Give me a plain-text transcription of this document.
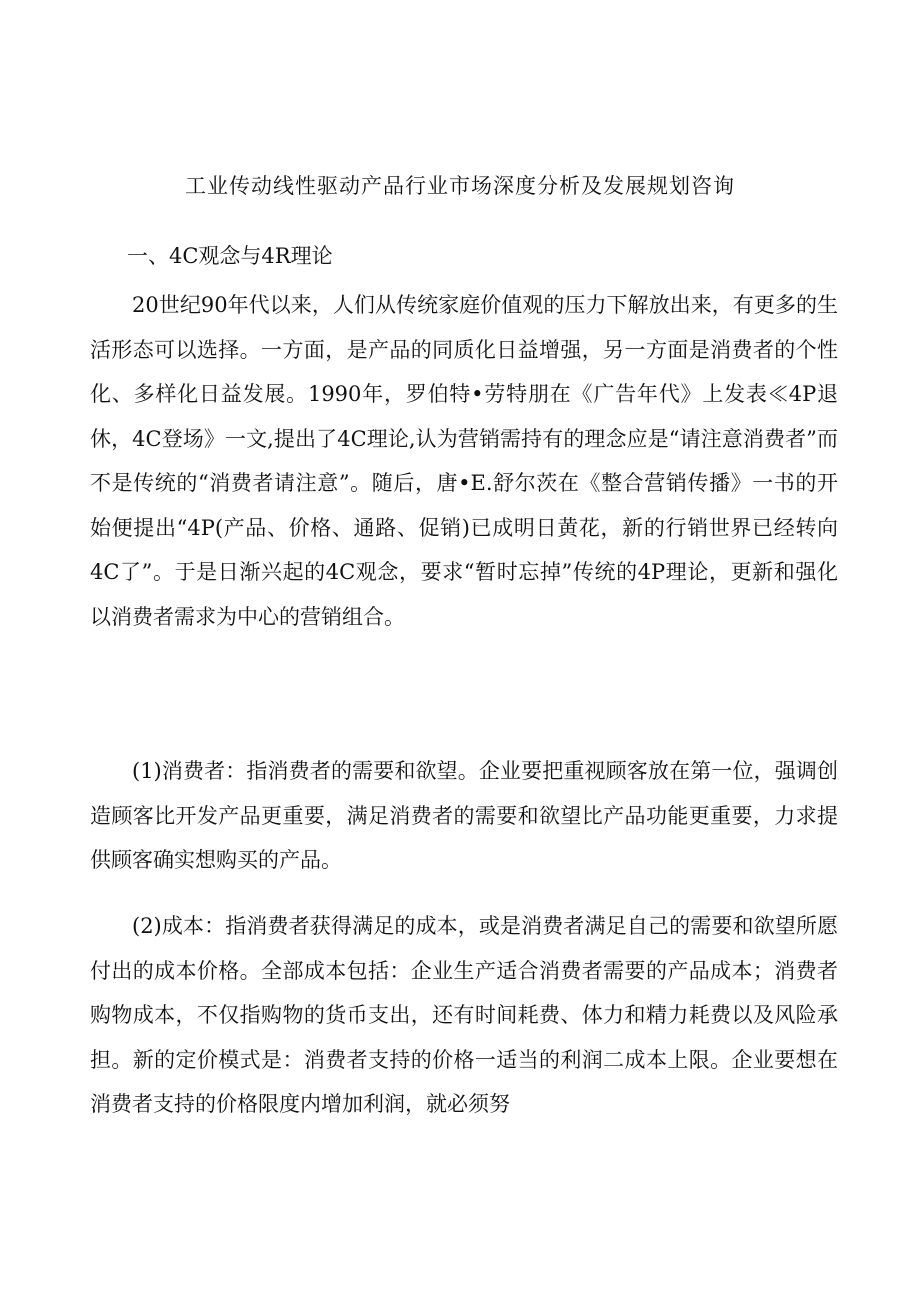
工业传动线性驱动产品行业市场深度分析及发展规划咨询
一、4C观念与4R理论

20世纪90年代以来，人们从传统家庭价值观的压力下解放出来，有更多的生活形态可以选择。一方面，是产品的同质化日益增强，另一方面是消费者的个性化、多样化日益发展。1990年，罗伯特•劳特朋在《广告年代》上发表≪4P退休，4C登场》一文,提出了4C理论,认为营销需持有的理念应是“请注意消费者”而不是传统的“消费者请注意”。随后，唐•E.舒尔茨在《整合营销传播》一书的开始便提出“4P(产品、价格、通路、促销)已成明日黄花，新的行销世界已经转向4C了”。于是日渐兴起的4C观念，要求“暂时忘掉”传统的4P理论，更新和强化以消费者需求为中心的营销组合。

(1)消费者：指消费者的需要和欲望。企业要把重视顾客放在第一位，强调创造顾客比开发产品更重要，满足消费者的需要和欲望比产品功能更重要，力求提供顾客确实想购买的产品。

(2)成本：指消费者获得满足的成本，或是消费者满足自己的需要和欲望所愿付出的成本价格。全部成本包括：企业生产适合消费者需要的产品成本；消费者购物成本，不仅指购物的货币支出，还有时间耗费、体力和精力耗费以及风险承担。新的定价模式是：消费者支持的价格一适当的利润二成本上限。企业要想在消费者支持的价格限度内增加利润，就必须努
